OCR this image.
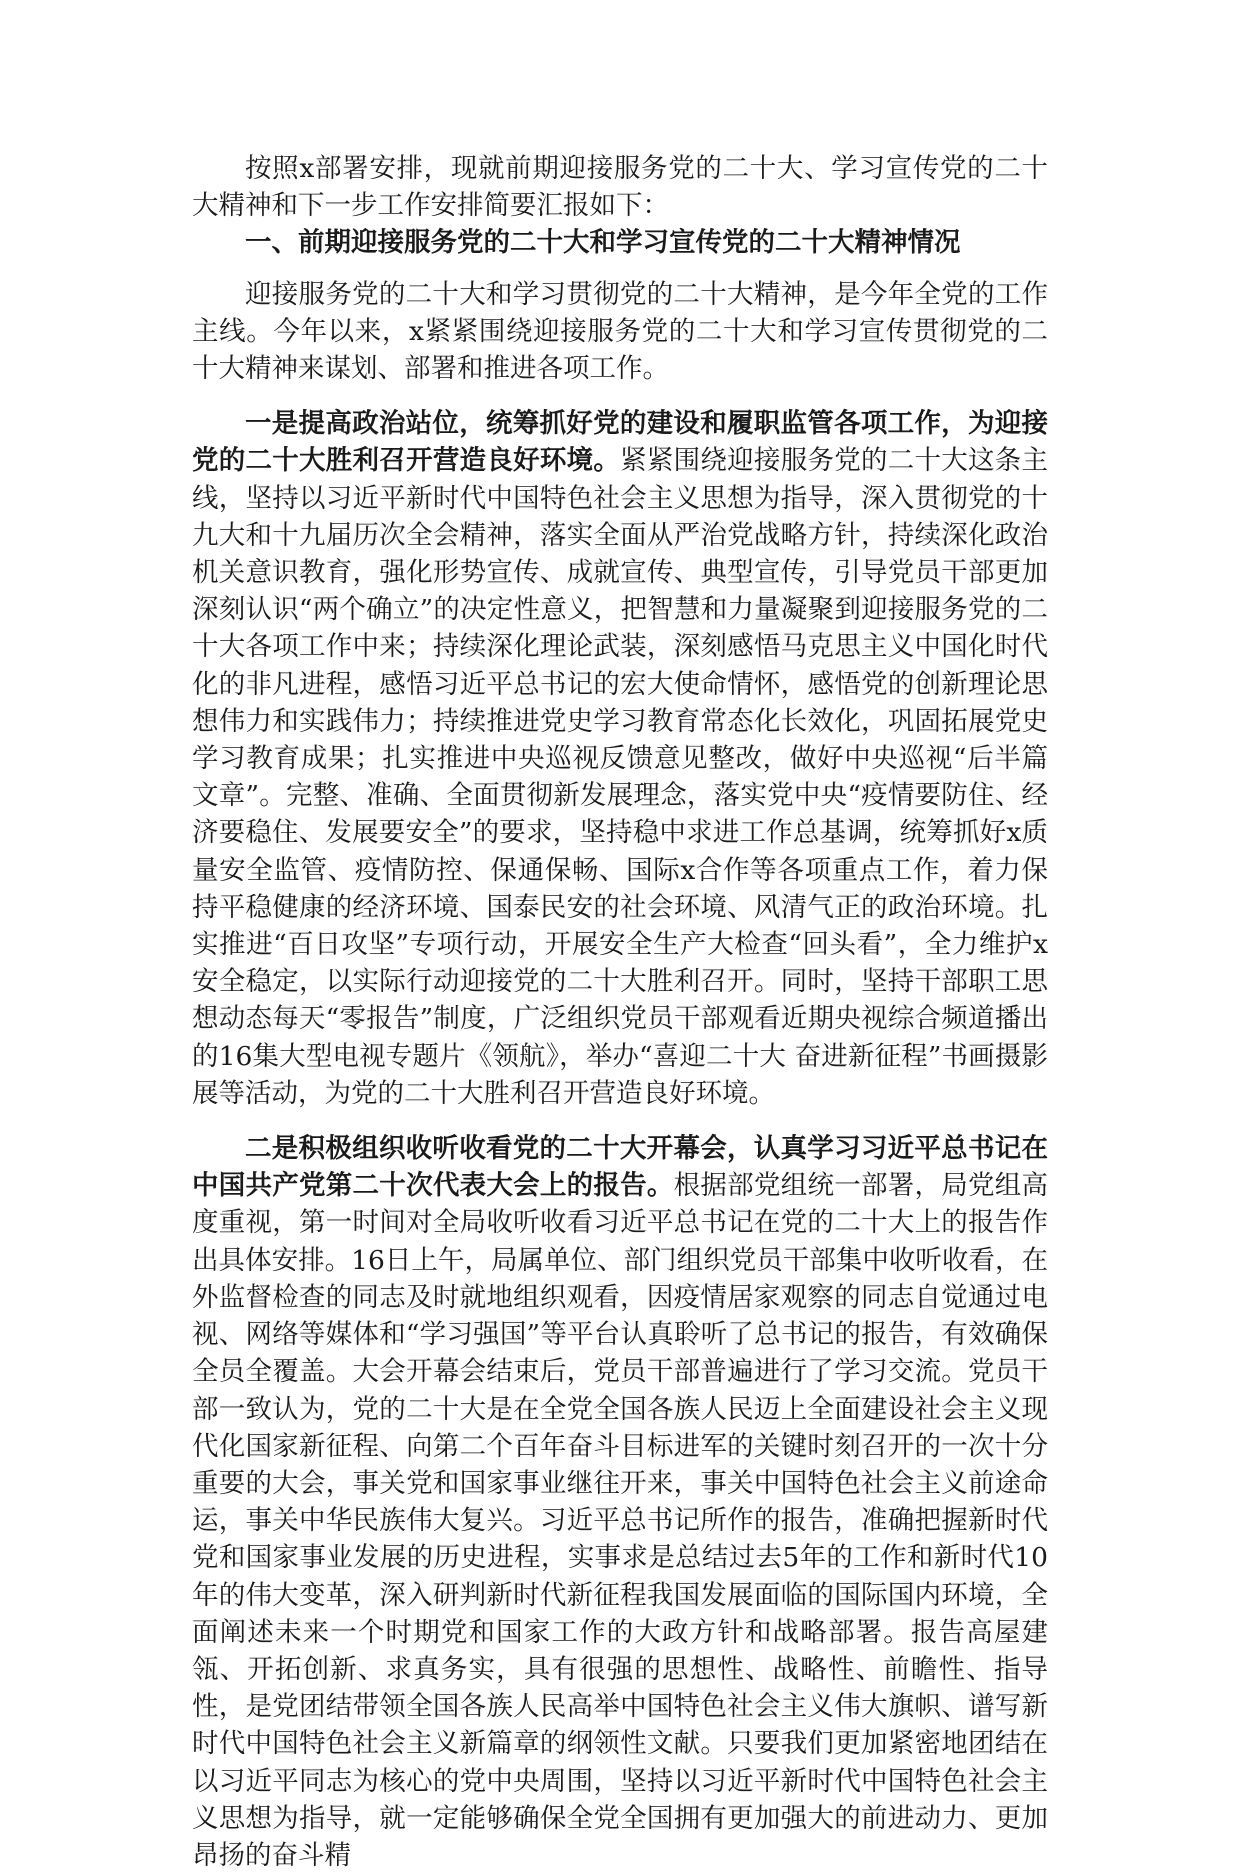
按照x部署安排，现就前期迎接服务党的二十大、学习宣传党的二十大精神和下一步工作安排简要汇报如下：

一、前期迎接服务党的二十大和学习宣传党的二十大精神情况

迎接服务党的二十大和学习贯彻党的二十大精神，是今年全党的工作主线。今年以来，x紧紧围绕迎接服务党的二十大和学习宣传贯彻党的二十大精神来谋划、部署和推进各项工作。

一是提高政治站位，统筹抓好党的建设和履职监管各项工作，为迎接党的二十大胜利召开营造良好环境。紧紧围绕迎接服务党的二十大这条主线，坚持以习近平新时代中国特色社会主义思想为指导，深入贯彻党的十九大和十九届历次全会精神，落实全面从严治党战略方针，持续深化政治机关意识教育，强化形势宣传、成就宣传、典型宣传，引导党员干部更加深刻认识“两个确立”的决定性意义，把智慧和力量凝聚到迎接服务党的二十大各项工作中来；持续深化理论武装，深刻感悟马克思主义中国化时代化的非凡进程，感悟习近平总书记的宏大使命情怀，感悟党的创新理论思想伟力和实践伟力；持续推进党史学习教育常态化长效化，巩固拓展党史学习教育成果；扎实推进中央巡视反馈意见整改，做好中央巡视“后半篇文章”。完整、准确、全面贯彻新发展理念，落实党中央“疫情要防住、经济要稳住、发展要安全”的要求，坚持稳中求进工作总基调，统筹抓好x质量安全监管、疫情防控、保通保畅、国际x合作等各项重点工作，着力保持平稳健康的经济环境、国泰民安的社会环境、风清气正的政治环境。扎实推进“百日攻坚”专项行动，开展安全生产大检查“回头看”，全力维护x安全稳定，以实际行动迎接党的二十大胜利召开。同时，坚持干部职工思想动态每天“零报告”制度，广泛组织党员干部观看近期央视综合频道播出的16集大型电视专题片《领航》，举办“喜迎二十大 奋进新征程”书画摄影展等活动，为党的二十大胜利召开营造良好环境。

二是积极组织收听收看党的二十大开幕会，认真学习习近平总书记在中国共产党第二十次代表大会上的报告。根据部党组统一部署，局党组高度重视，第一时间对全局收听收看习近平总书记在党的二十大上的报告作出具体安排。16日上午，局属单位、部门组织党员干部集中收听收看，在外监督检查的同志及时就地组织观看，因疫情居家观察的同志自觉通过电视、网络等媒体和“学习强国”等平台认真聆听了总书记的报告，有效确保全员全覆盖。大会开幕会结束后，党员干部普遍进行了学习交流。党员干部一致认为，党的二十大是在全党全国各族人民迈上全面建设社会主义现代化国家新征程、向第二个百年奋斗目标进军的关键时刻召开的一次十分重要的大会，事关党和国家事业继往开来，事关中国特色社会主义前途命运，事关中华民族伟大复兴。习近平总书记所作的报告，准确把握新时代党和国家事业发展的历史进程，实事求是总结过去5年的工作和新时代10年的伟大变革，深入研判新时代新征程我国发展面临的国际国内环境，全面阐述未来一个时期党和国家工作的大政方针和战略部署。报告高屋建瓴、开拓创新、求真务实，具有很强的思想性、战略性、前瞻性、指导性，是党团结带领全国各族人民高举中国特色社会主义伟大旗帜、谱写新时代中国特色社会主义新篇章的纲领性文献。只要我们更加紧密地团结在以习近平同志为核心的党中央周围，坚持以习近平新时代中国特色社会主义思想为指导，就一定能够确保全党全国拥有更加强大的前进动力、更加昂扬的奋斗精
